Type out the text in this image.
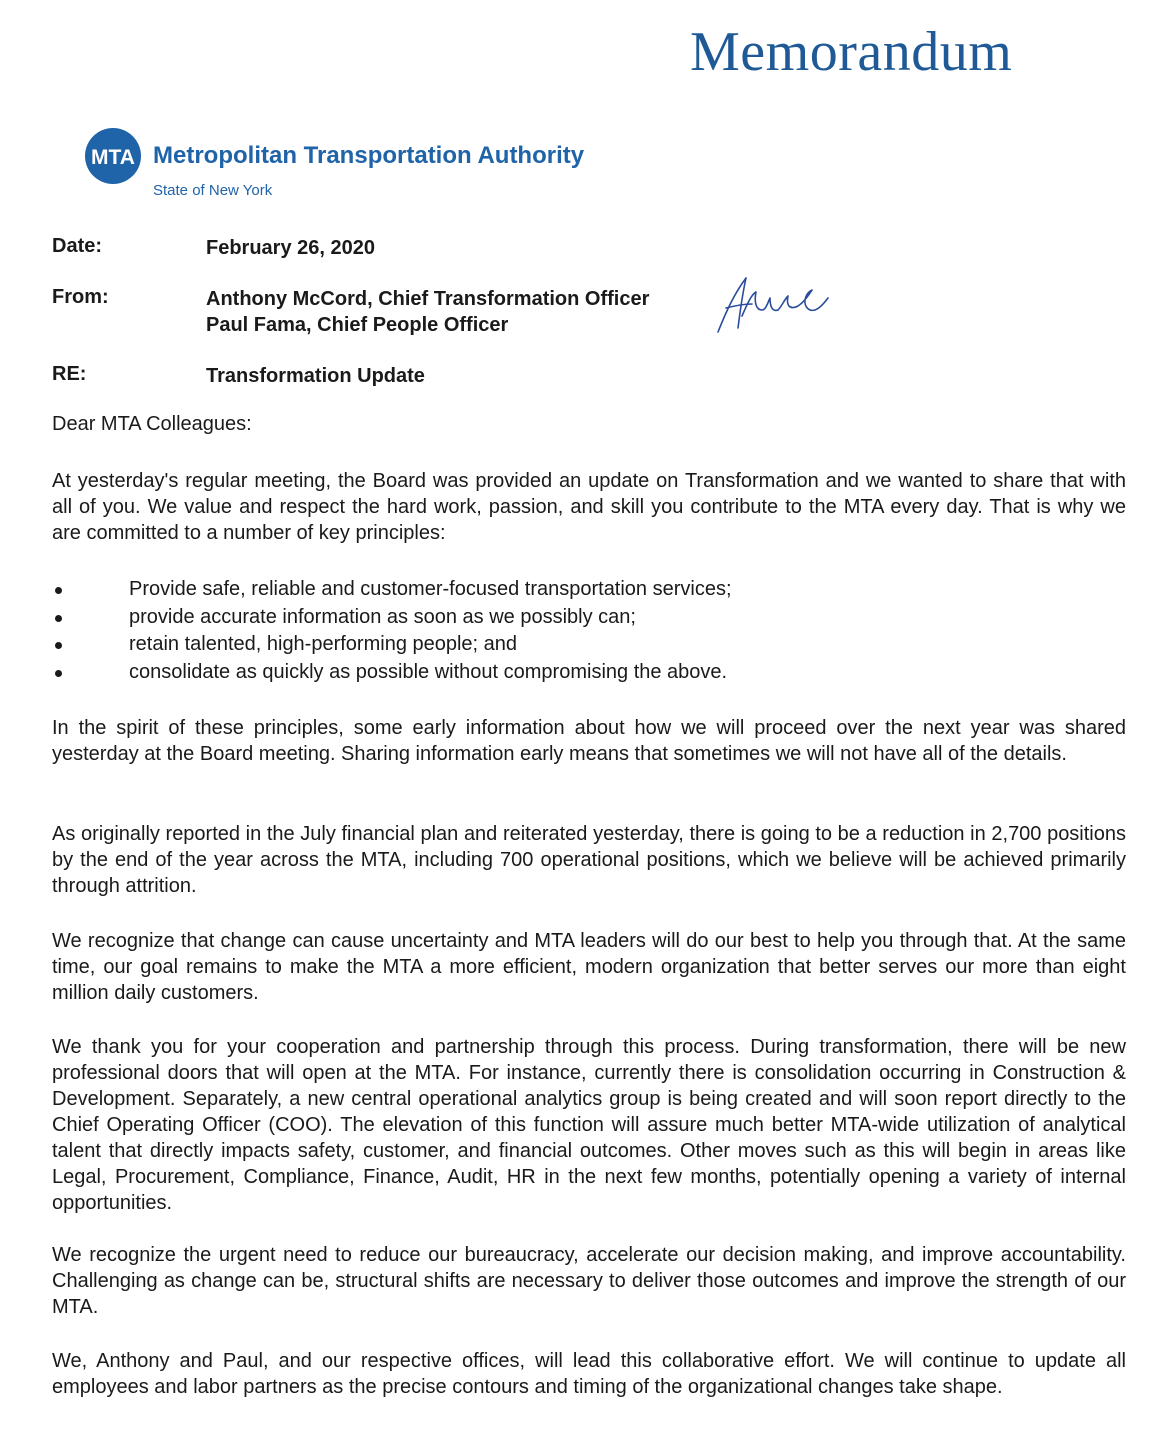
Memorandum
MTA Metropolitan Transportation Authority
State of New York
Date:	February 26, 2020
From:	Anthony McCord, Chief Transformation Officer
Paul Fama, Chief People Officer
RE:	Transformation Update
Dear MTA Colleagues:

At yesterday's regular meeting, the Board was provided an update on Transformation and we wanted to share that with all of you. We value and respect the hard work, passion, and skill you contribute to the MTA every day. That is why we are committed to a number of key principles:

Provide safe, reliable and customer-focused transportation services;
provide accurate information as soon as we possibly can;
retain talented, high-performing people; and
consolidate as quickly as possible without compromising the above.

In the spirit of these principles, some early information about how we will proceed over the next year was shared yesterday at the Board meeting. Sharing information early means that sometimes we will not have all of the details.

As originally reported in the July financial plan and reiterated yesterday, there is going to be a reduction in 2,700 positions by the end of the year across the MTA, including 700 operational positions, which we believe will be achieved primarily through attrition.

We recognize that change can cause uncertainty and MTA leaders will do our best to help you through that. At the same time, our goal remains to make the MTA a more efficient, modern organization that better serves our more than eight million daily customers.

We thank you for your cooperation and partnership through this process. During transformation, there will be new professional doors that will open at the MTA. For instance, currently there is consolidation occurring in Construction & Development. Separately, a new central operational analytics group is being created and will soon report directly to the Chief Operating Officer (COO). The elevation of this function will assure much better MTA-wide utilization of analytical talent that directly impacts safety, customer, and financial outcomes. Other moves such as this will begin in areas like Legal, Procurement, Compliance, Finance, Audit, HR in the next few months, potentially opening a variety of internal opportunities.

We recognize the urgent need to reduce our bureaucracy, accelerate our decision making, and improve accountability. Challenging as change can be, structural shifts are necessary to deliver those outcomes and improve the strength of our MTA.

We, Anthony and Paul, and our respective offices, will lead this collaborative effort. We will continue to update all employees and labor partners as the precise contours and timing of the organizational changes take shape.
